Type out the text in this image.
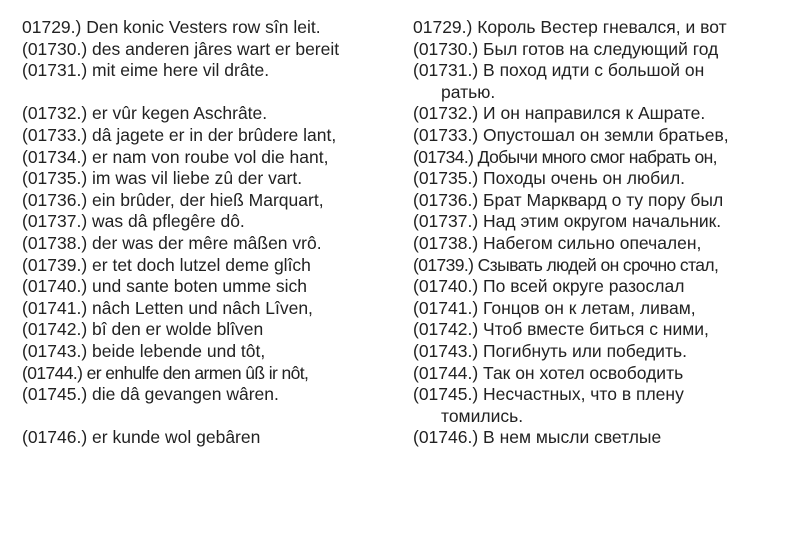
01729.) Den konic Vesters row sîn leit.
(01730.) des anderen jâres wart er bereit
(01731.) mit eime here vil drâte.
(01732.) er vûr kegen Aschrâte.
(01733.) dâ jagete er in der brûdere lant,
(01734.) er nam von roube vol die hant,
(01735.) im was vil liebe zû der vart.
(01736.) ein brûder, der hieß Marquart,
(01737.) was dâ pflegêre dô.
(01738.) der was der mêre mâßen vrô.
(01739.) er tet doch lutzel deme glîch
(01740.) und sante boten umme sich
(01741.) nâch Letten und nâch Lîven,
(01742.) bî den er wolde blîven
(01743.) beide lebende und tôt,
(01744.) er enhulfe den armen ûß ir nôt,
(01745.) die dâ gevangen wâren.
(01746.) er kunde wol gebâren
01729.) Король Вестер гневался, и вот
(01730.) Был готов на следующий год
(01731.) В поход идти с большой он
ратью.
(01732.) И он направился к Ашрате.
(01733.) Опустошал он земли братьев,
(01734.) Добычи много смог набрать он,
(01735.) Походы очень он любил.
(01736.) Брат Марквард о ту пору был
(01737.) Над этим округом начальник.
(01738.) Набегом сильно опечален,
(01739.) Сзывать людей он срочно стал,
(01740.) По всей округе разослал
(01741.) Гонцов он к летам, ливам,
(01742.) Чтоб вместе биться с ними,
(01743.) Погибнуть или победить.
(01744.) Так он хотел освободить
(01745.) Несчастных, что в плену
томились.
(01746.) В нем мысли светлые
